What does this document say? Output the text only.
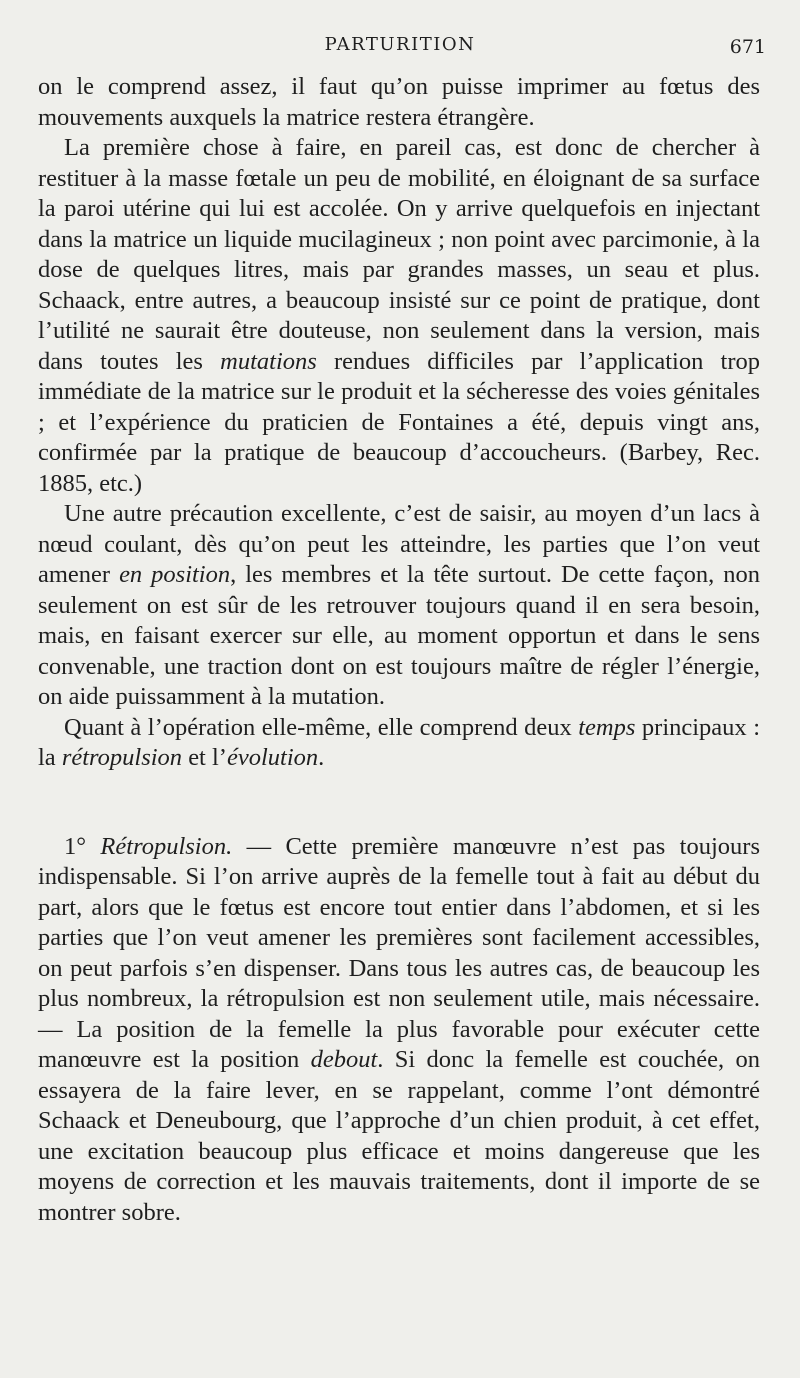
PARTURITION	671

on le comprend assez, il faut qu’on puisse imprimer au fœtus des mouvements auxquels la matrice restera étrangère.

La première chose à faire, en pareil cas, est donc de chercher à restituer à la masse fœtale un peu de mobilité, en éloignant de sa surface la paroi utérine qui lui est accolée. On y arrive quelquefois en injectant dans la matrice un liquide mucilagineux ; non point avec parcimonie, à la dose de quelques litres, mais par grandes masses, un seau et plus. Schaack, entre autres, a beaucoup insisté sur ce point de pratique, dont l’utilité ne saurait être douteuse, non seulement dans la version, mais dans toutes les mutations rendues difficiles par l’application trop immédiate de la matrice sur le produit et la sécheresse des voies génitales ; et l’expérience du praticien de Fontaines a été, depuis vingt ans, confirmée par la pratique de beaucoup d’accoucheurs. (Barbey, Rec. 1885, etc.)

Une autre précaution excellente, c’est de saisir, au moyen d’un lacs à nœud coulant, dès qu’on peut les atteindre, les parties que l’on veut amener en position, les membres et la tête surtout. De cette façon, non seulement on est sûr de les retrouver toujours quand il en sera besoin, mais, en faisant exercer sur elle, au moment opportun et dans le sens convenable, une traction dont on est toujours maître de régler l’énergie, on aide puissamment à la mutation.

Quant à l’opération elle-même, elle comprend deux temps principaux : la rétropulsion et l’évolution.

1° Rétropulsion. — Cette première manœuvre n’est pas toujours indispensable. Si l’on arrive auprès de la femelle tout à fait au début du part, alors que le fœtus est encore tout entier dans l’abdomen, et si les parties que l’on veut amener les premières sont facilement accessibles, on peut parfois s’en dispenser. Dans tous les autres cas, de beaucoup les plus nombreux, la rétropulsion est non seulement utile, mais nécessaire. — La position de la femelle la plus favorable pour exécuter cette manœuvre est la position debout. Si donc la femelle est couchée, on essayera de la faire lever, en se rappelant, comme l’ont démontré Schaack et Deneubourg, que l’approche d’un chien produit, à cet effet, une excitation beaucoup plus efficace et moins dangereuse que les moyens de correction et les mauvais traitements, dont il importe de se montrer sobre.
